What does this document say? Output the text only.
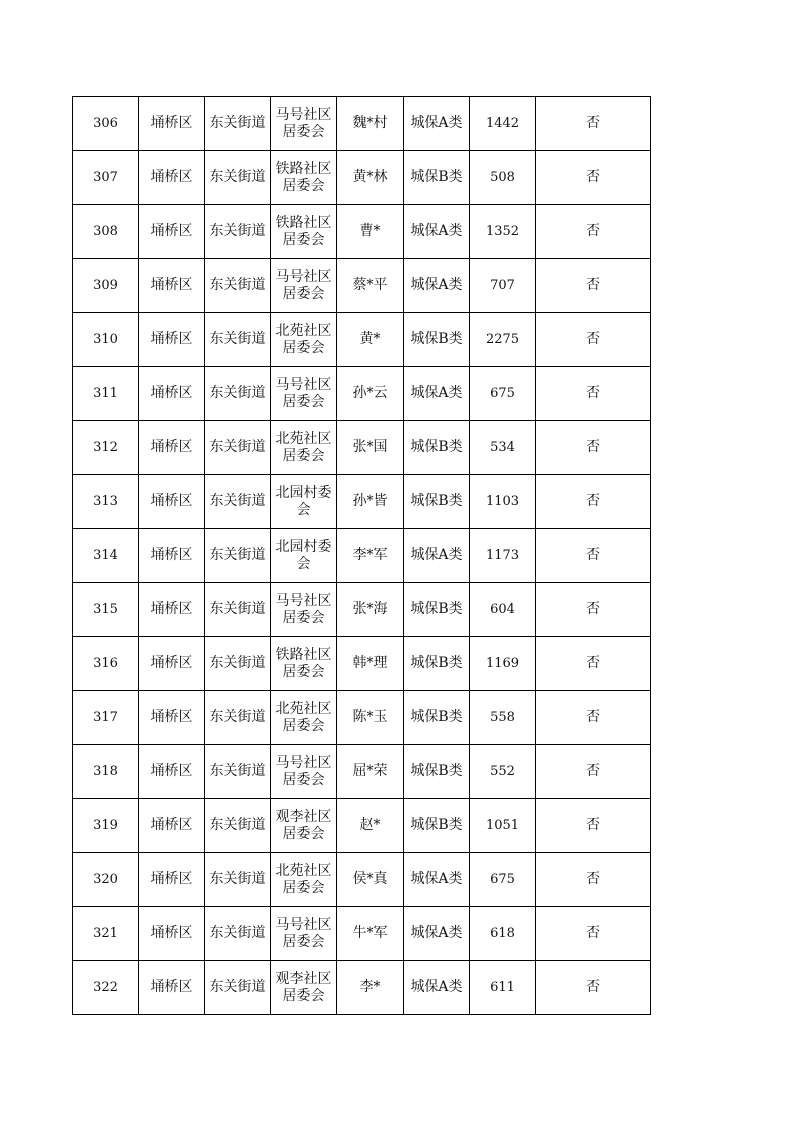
306	埇桥区	东关街道	马号社区居委会	魏*村	城保A类	1442	否
307	埇桥区	东关街道	铁路社区居委会	黄*林	城保B类	508	否
308	埇桥区	东关街道	铁路社区居委会	曹*	城保A类	1352	否
309	埇桥区	东关街道	马号社区居委会	蔡*平	城保A类	707	否
310	埇桥区	东关街道	北苑社区居委会	黄*	城保B类	2275	否
311	埇桥区	东关街道	马号社区居委会	孙*云	城保A类	675	否
312	埇桥区	东关街道	北苑社区居委会	张*国	城保B类	534	否
313	埇桥区	东关街道	北园村委会	孙*皆	城保B类	1103	否
314	埇桥区	东关街道	北园村委会	李*军	城保A类	1173	否
315	埇桥区	东关街道	马号社区居委会	张*海	城保B类	604	否
316	埇桥区	东关街道	铁路社区居委会	韩*理	城保B类	1169	否
317	埇桥区	东关街道	北苑社区居委会	陈*玉	城保B类	558	否
318	埇桥区	东关街道	马号社区居委会	屈*荣	城保B类	552	否
319	埇桥区	东关街道	观李社区居委会	赵*	城保B类	1051	否
320	埇桥区	东关街道	北苑社区居委会	侯*真	城保A类	675	否
321	埇桥区	东关街道	马号社区居委会	牛*军	城保A类	618	否
322	埇桥区	东关街道	观李社区居委会	李*	城保A类	611	否
